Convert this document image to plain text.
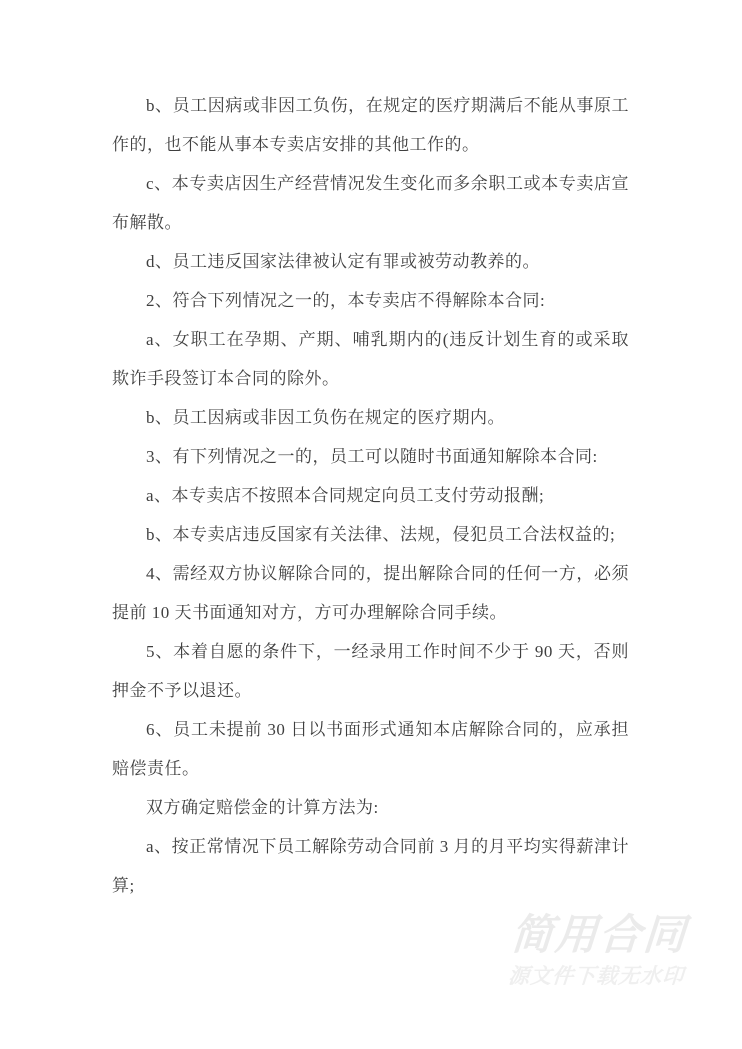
b、员工因病或非因工负伤，在规定的医疗期满后不能从事原工作的，也不能从事本专卖店安排的其他工作的。

c、本专卖店因生产经营情况发生变化而多余职工或本专卖店宣布解散。

d、员工违反国家法律被认定有罪或被劳动教养的。

2、符合下列情况之一的，本专卖店不得解除本合同:

a、女职工在孕期、产期、哺乳期内的(违反计划生育的或采取欺诈手段签订本合同的除外。

b、员工因病或非因工负伤在规定的医疗期内。

3、有下列情况之一的，员工可以随时书面通知解除本合同:

a、本专卖店不按照本合同规定向员工支付劳动报酬;

b、本专卖店违反国家有关法律、法规，侵犯员工合法权益的;

4、需经双方协议解除合同的，提出解除合同的任何一方，必须提前 10 天书面通知对方，方可办理解除合同手续。

5、本着自愿的条件下，一经录用工作时间不少于 90 天，否则押金不予以退还。

6、员工未提前 30 日以书面形式通知本店解除合同的，应承担赔偿责任。

双方确定赔偿金的计算方法为:

a、按正常情况下员工解除劳动合同前 3 月的月平均实得薪津计算;

简用合同
源文件下载无水印
